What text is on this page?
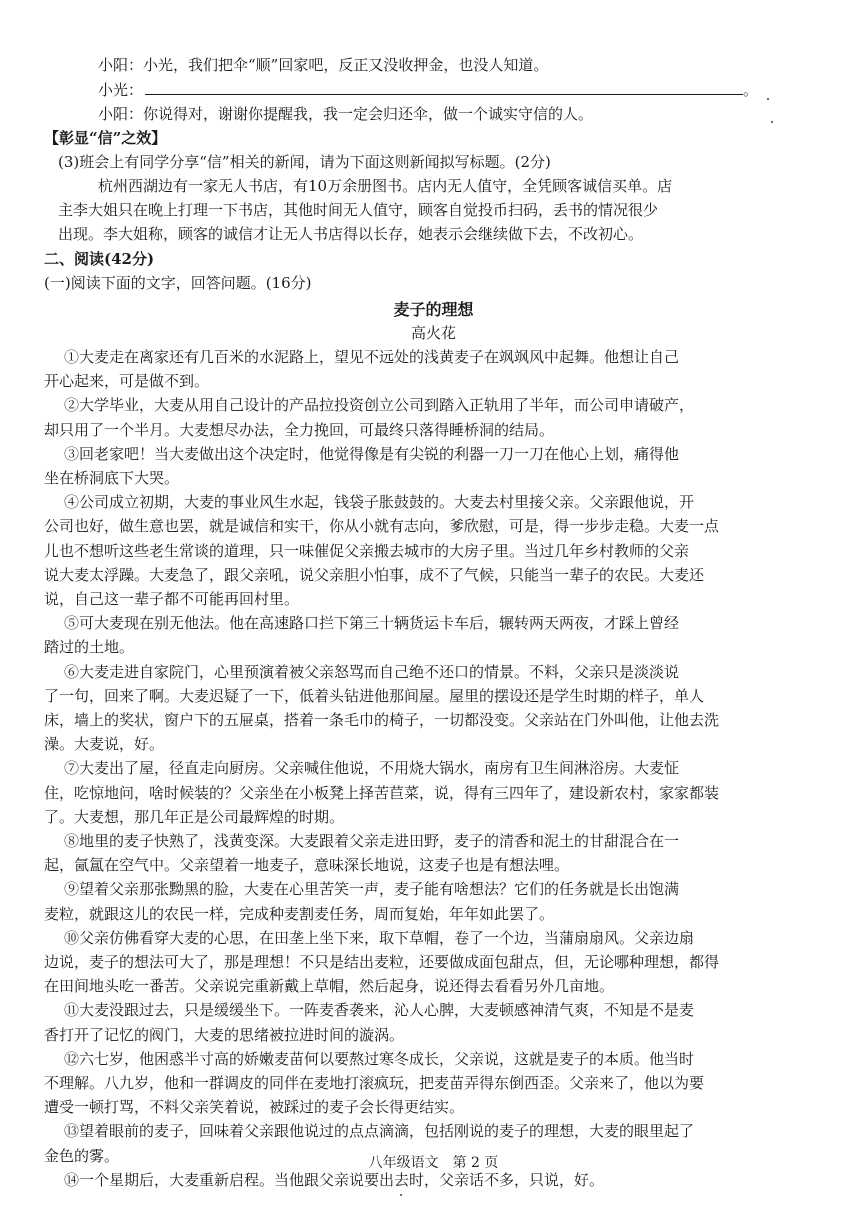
小阳：小光，我们把伞“顺”回家吧，反正又没收押金，也没人知道。
小光：	。
小阳：你说得对，谢谢你提醒我，我一定会归还伞，做一个诚实守信的人。
【彰显“信”之效】
(3)班会上有同学分享“信”相关的新闻，请为下面这则新闻拟写标题。(2分)
杭州西湖边有一家无人书店，有10万余册图书。店内无人值守，全凭顾客诚信买单。店
主李大姐只在晚上打理一下书店，其他时间无人值守，顾客自觉投币扫码，丢书的情况很少
出现。李大姐称，顾客的诚信才让无人书店得以长存，她表示会继续做下去，不改初心。
二、阅读(42分)
(一)阅读下面的文字，回答问题。(16分)
麦子的理想
高火花
①大麦走在离家还有几百米的水泥路上，望见不远处的浅黄麦子在飒飒风中起舞。他想让自己
开心起来，可是做不到。
②大学毕业，大麦从用自己设计的产品拉投资创立公司到踏入正轨用了半年，而公司申请破产，
却只用了一个半月。大麦想尽办法，全力挽回，可最终只落得睡桥洞的结局。
③回老家吧！当大麦做出这个决定时，他觉得像是有尖锐的利器一刀一刀在他心上划，痛得他
坐在桥洞底下大哭。
④公司成立初期，大麦的事业风生水起，钱袋子胀鼓鼓的。大麦去村里接父亲。父亲跟他说，开
公司也好，做生意也罢，就是诚信和实干，你从小就有志向，爹欣慰，可是，得一步步走稳。大麦一点
儿也不想听这些老生常谈的道理，只一味催促父亲搬去城市的大房子里。当过几年乡村教师的父亲
说大麦太浮躁。大麦急了，跟父亲吼，说父亲胆小怕事，成不了气候，只能当一辈子的农民。大麦还
说，自己这一辈子都不可能再回村里。
⑤可大麦现在别无他法。他在高速路口拦下第三十辆货运卡车后，辗转两天两夜，才踩上曾经
踏过的土地。
⑥大麦走进自家院门，心里预演着被父亲怒骂而自己绝不还口的情景。不料，父亲只是淡淡说
了一句，回来了啊。大麦迟疑了一下，低着头钻进他那间屋。屋里的摆设还是学生时期的样子，单人
床，墙上的奖状，窗户下的五屉桌，搭着一条毛巾的椅子，一切都没变。父亲站在门外叫他，让他去洗
澡。大麦说，好。
⑦大麦出了屋，径直走向厨房。父亲喊住他说，不用烧大锅水，南房有卫生间淋浴房。大麦怔
住，吃惊地问，啥时候装的？父亲坐在小板凳上择苦苣菜，说，得有三四年了，建设新农村，家家都装
了。大麦想，那几年正是公司最辉煌的时期。
⑧地里的麦子快熟了，浅黄变深。大麦跟着父亲走进田野，麦子的清香和泥土的甘甜混合在一
起，氤氲在空气中。父亲望着一地麦子，意味深长地说，这麦子也是有想法哩。
⑨望着父亲那张黝黑的脸，大麦在心里苦笑一声，麦子能有啥想法？它们的任务就是长出饱满
麦粒，就跟这儿的农民一样，完成种麦割麦任务，周而复始，年年如此罢了。
⑩父亲仿佛看穿大麦的心思，在田垄上坐下来，取下草帽，卷了一个边，当蒲扇扇风。父亲边扇
边说，麦子的想法可大了，那是理想！不只是结出麦粒，还要做成面包甜点，但，无论哪种理想，都得
在田间地头吃一番苦。父亲说完重新戴上草帽，然后起身，说还得去看看另外几亩地。
⑪大麦没跟过去，只是缓缓坐下。一阵麦香袭来，沁人心脾，大麦顿感神清气爽，不知是不是麦
香打开了记忆的阀门，大麦的思绪被拉进时间的漩涡。
⑫六七岁，他困惑半寸高的娇嫩麦苗何以要熬过寒冬成长，父亲说，这就是麦子的本质。他当时
不理解。八九岁，他和一群调皮的同伴在麦地打滚疯玩，把麦苗弄得东倒西歪。父亲来了，他以为要
遭受一顿打骂，不料父亲笑着说，被踩过的麦子会长得更结实。
⑬望着眼前的麦子，回味着父亲跟他说过的点点滴滴，包括刚说的麦子的理想，大麦的眼里起了
金色的雾。
⑭一个星期后，大麦重新启程。当他跟父亲说要出去时，父亲话不多，只说，好。
八年级语文　第 2 页
